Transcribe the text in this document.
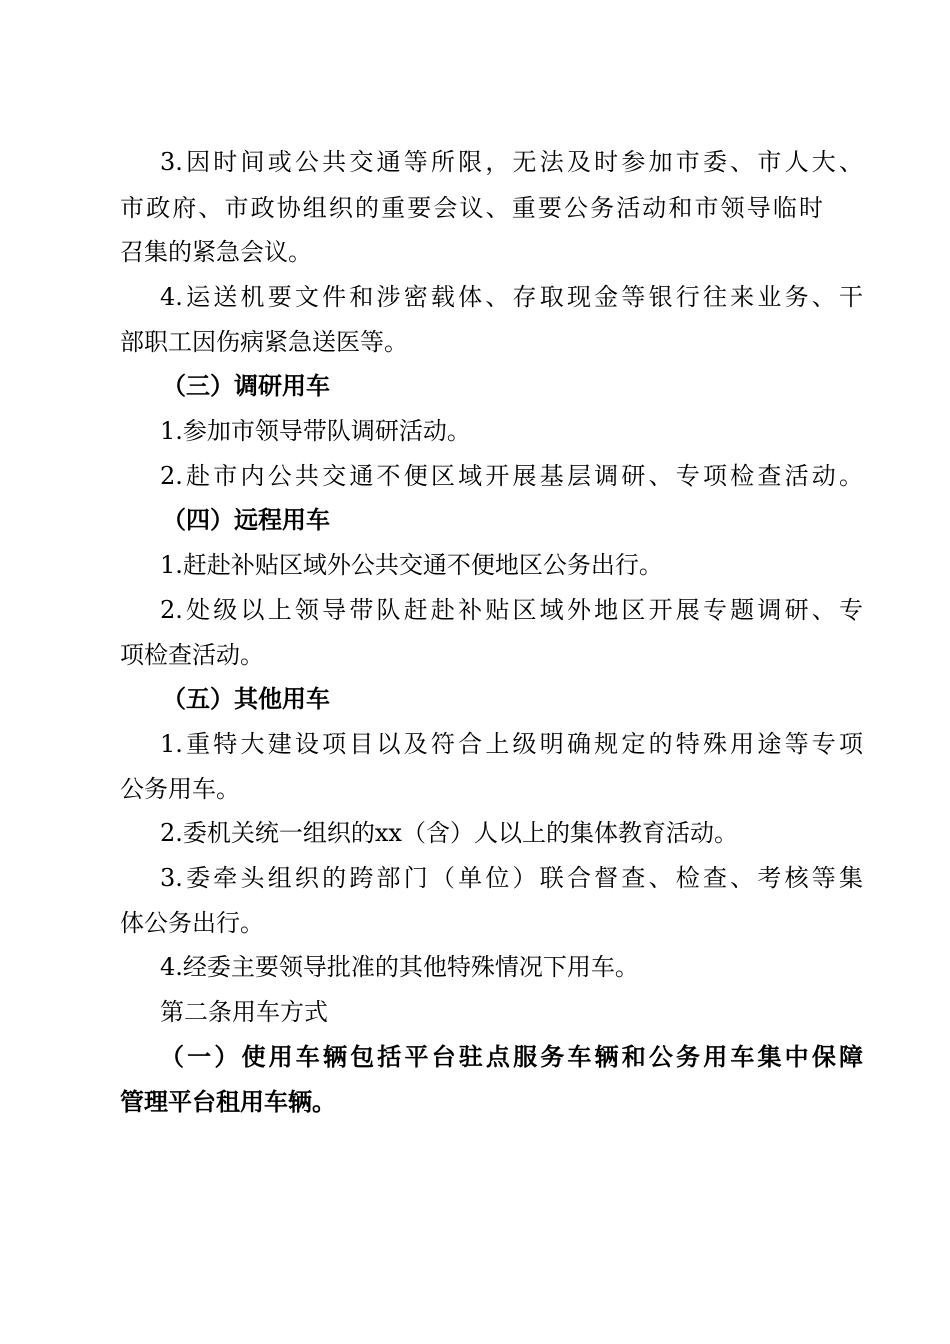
3.因时间或公共交通等所限，无法及时参加市委、市人大、
市政府、市政协组织的重要会议、重要公务活动和市领导临时
召集的紧急会议。
4.运送机要文件和涉密载体、存取现金等银行往来业务、干
部职工因伤病紧急送医等。
（三）调研用车
1.参加市领导带队调研活动。
2.赴市内公共交通不便区域开展基层调研、专项检查活动。
（四）远程用车
1.赶赴补贴区域外公共交通不便地区公务出行。
2.处级以上领导带队赶赴补贴区域外地区开展专题调研、专
项检查活动。
（五）其他用车
1.重特大建设项目以及符合上级明确规定的特殊用途等专项
公务用车。
2.委机关统一组织的xx（含）人以上的集体教育活动。
3.委牵头组织的跨部门（单位）联合督查、检查、考核等集
体公务出行。
4.经委主要领导批准的其他特殊情况下用车。
第二条用车方式
（一）使用车辆包括平台驻点服务车辆和公务用车集中保障
管理平台租用车辆。
